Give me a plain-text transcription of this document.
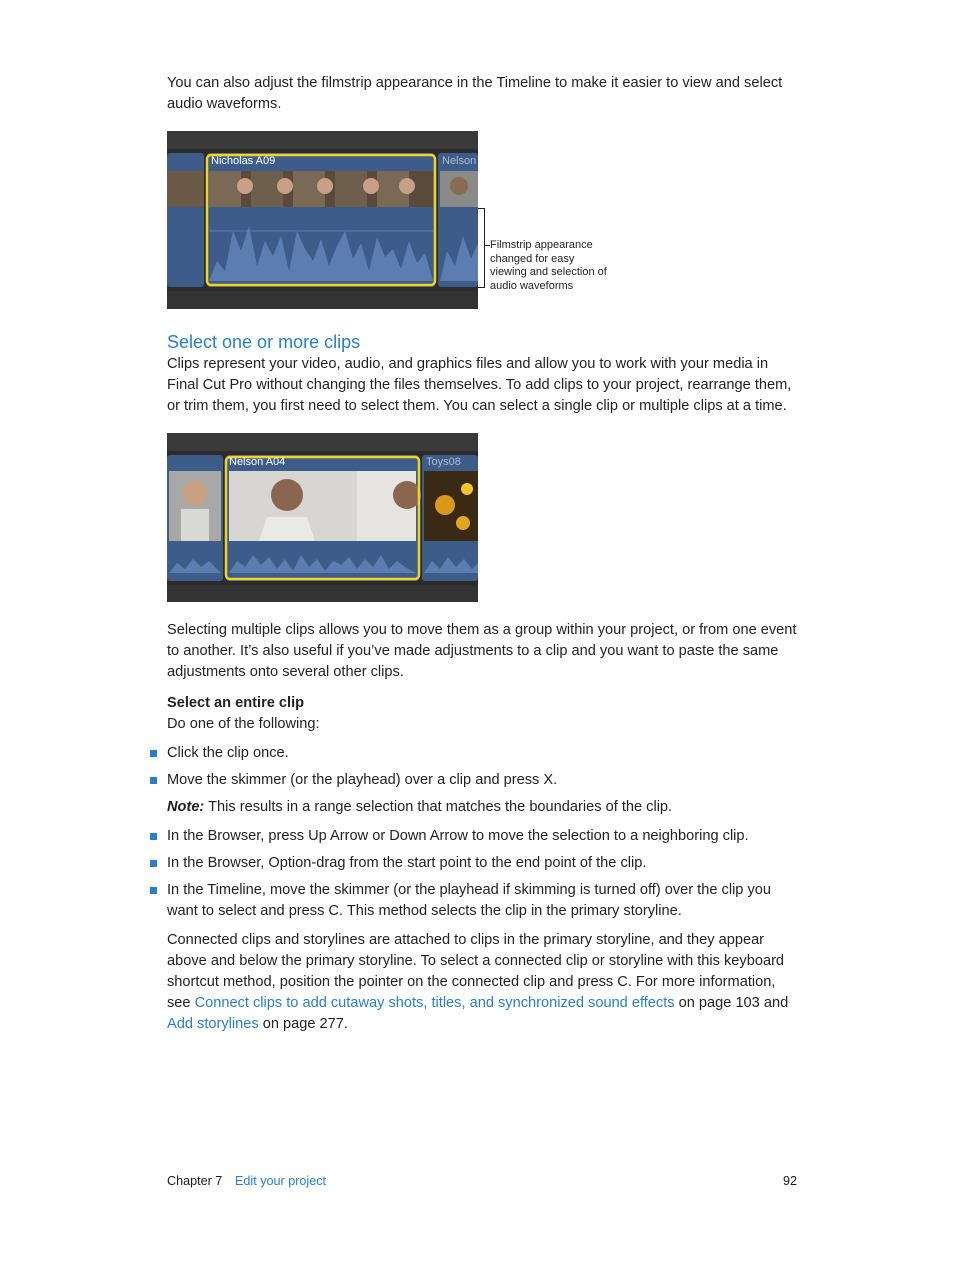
You can also adjust the filmstrip appearance in the Timeline to make it easier to view and select audio waveforms.
Nicholas A09	Nelson
Filmstrip appearance changed for easy viewing and selection of audio waveforms
Select one or more clips
Clips represent your video, audio, and graphics files and allow you to work with your media in Final Cut Pro without changing the files themselves. To add clips to your project, rearrange them, or trim them, you first need to select them. You can select a single clip or multiple clips at a time.
Nelson A04	Toys08
Selecting multiple clips allows you to move them as a group within your project, or from one event to another. It’s also useful if you’ve made adjustments to a clip and you want to paste the same adjustments onto several other clips.
Select an entire clip
Do one of the following:
Click the clip once.
Move the skimmer (or the playhead) over a clip and press X.
Note: This results in a range selection that matches the boundaries of the clip.
In the Browser, press Up Arrow or Down Arrow to move the selection to a neighboring clip.
In the Browser, Option-drag from the start point to the end point of the clip.
In the Timeline, move the skimmer (or the playhead if skimming is turned off) over the clip you want to select and press C. This method selects the clip in the primary storyline.
Connected clips and storylines are attached to clips in the primary storyline, and they appear above and below the primary storyline. To select a connected clip or storyline with this keyboard shortcut method, position the pointer on the connected clip and press C. For more information, see Connect clips to add cutaway shots, titles, and synchronized sound effects on page 103 and Add storylines on page 277.
Chapter 7 Edit your project	92
